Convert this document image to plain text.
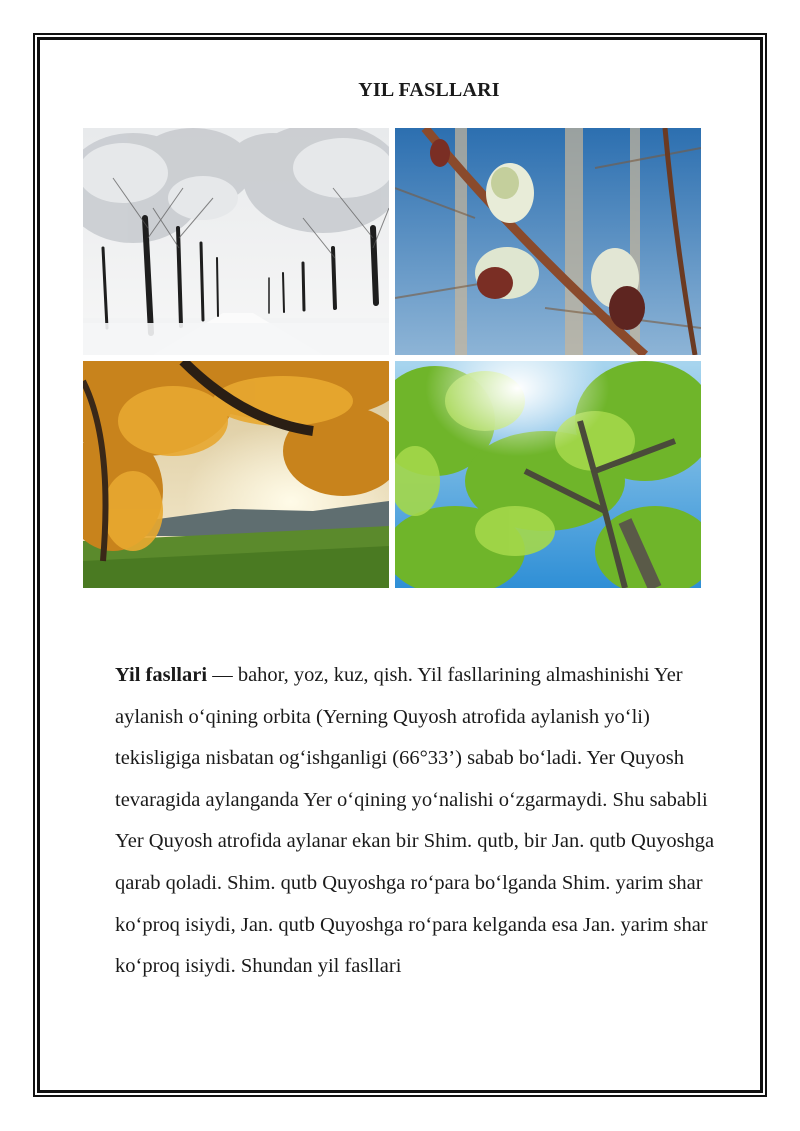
YIL FASLLARI

Yil fasllari — bahor, yoz, kuz, qish. Yil fasllarining almashinishi Yer aylanish o‘qining orbita (Yerning Quyosh atrofida aylanish yo‘li) tekisligiga nisbatan og‘ishganligi (66°33’) sabab bo‘ladi. Yer Quyosh tevaragida aylanganda Yer o‘qining yo‘nalishi o‘zgarmaydi. Shu sababli Yer Quyosh atrofida aylanar ekan bir Shim. qutb, bir Jan. qutb Quyoshga qarab qoladi. Shim. qutb Quyoshga ro‘para bo‘lganda Shim. yarim shar ko‘proq isiydi, Jan. qutb Quyoshga ro‘para kelganda esa Jan. yarim shar ko‘proq isiydi. Shundan yil fasllari
